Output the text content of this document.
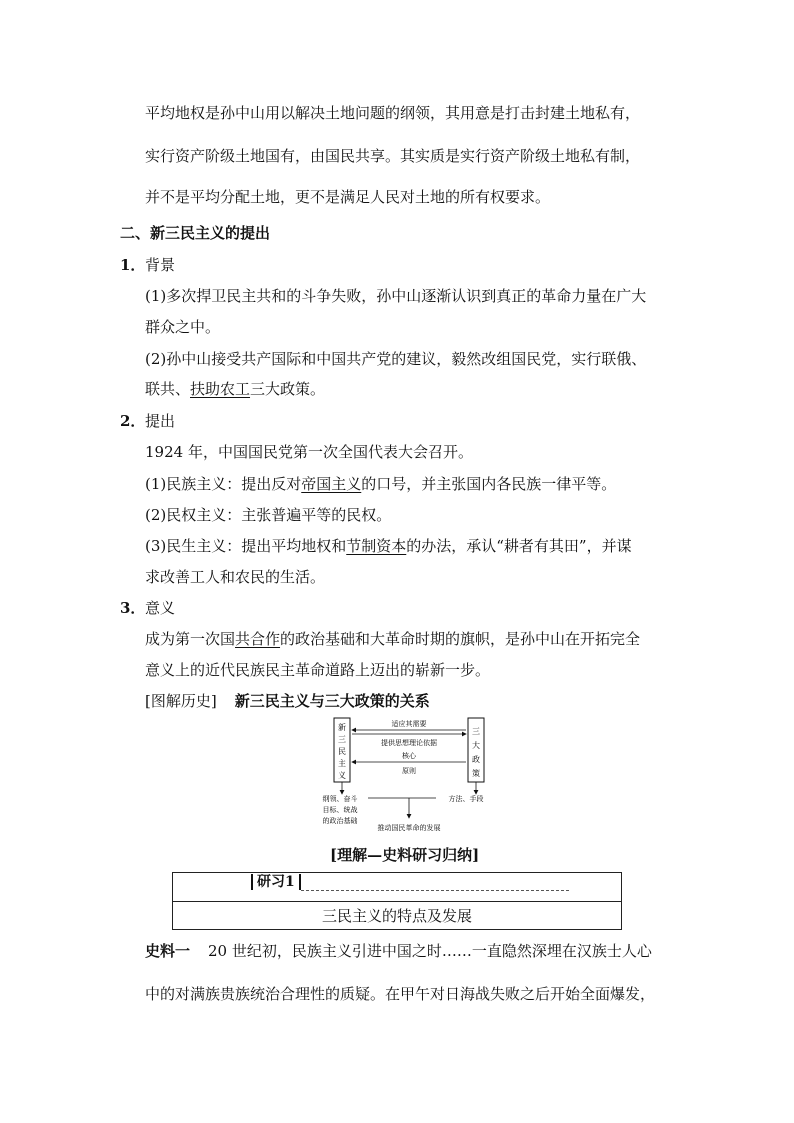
平均地权是孙中山用以解决土地问题的纲领，其用意是打击封建土地私有，
实行资产阶级土地国有，由国民共享。其实质是实行资产阶级土地私有制，
并不是平均分配土地，更不是满足人民对土地的所有权要求。
二、新三民主义的提出
1． 背景
(1)多次捍卫民主共和的斗争失败，孙中山逐渐认识到真正的革命力量在广大
群众之中。
(2)孙中山接受共产国际和中国共产党的建议，毅然改组国民党，实行联俄、
联共、扶助农工三大政策。
2． 提出
1924 年，中国国民党第一次全国代表大会召开。
(1)民族主义：提出反对帝国主义的口号，并主张国内各民族一律平等。
(2)民权主义：主张普遍平等的民权。
(3)民生主义：提出平均地权和节制资本的办法，承认“耕者有其田”，并谋
求改善工人和农民的生活。
3． 意义
成为第一次国共合作的政治基础和大革命时期的旗帜，是孙中山在开拓完全
意义上的近代民族民主革命道路上迈出的崭新一步。
[图解历史] 新三民主义与三大政策的关系
新
三
民
主
义
三
大
政
策
适应其需要
提供思想理论依据
核心
原则
纲领、奋斗
目标、统战
的政治基础
方法、手段
推动国民革命的发展
[理解—史料研习归纳]
研习1
三民主义的特点及发展
史料一 20 世纪初，民族主义引进中国之时……一直隐然深埋在汉族士人心
中的对满族贵族统治合理性的质疑。在甲午对日海战失败之后开始全面爆发，
